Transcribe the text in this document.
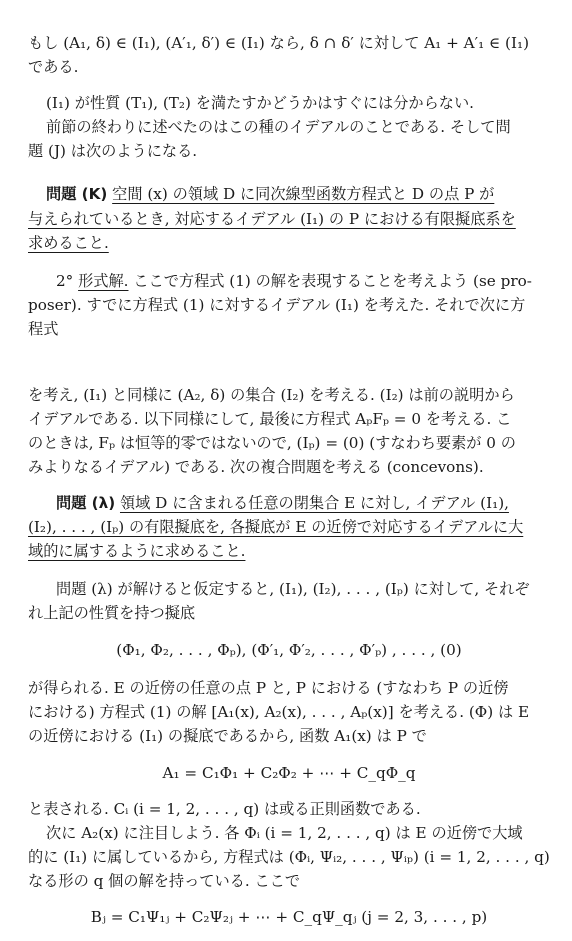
もし (A₁, δ) ∈ (I₁), (A′₁, δ′) ∈ (I₁) なら, δ ∩ δ′ に対して A₁ + A′₁ ∈ (I₁)
である.
(I₁) が性質 (T₁), (T₂) を満たすかどうかはすぐには分からない.
前節の終わりに述べたのはこの種のイデアルのことである. そして問
題 (J) は次のようになる.
問題 (K) 空間 (x) の領域 D に同次線型函数方程式と D の点 P が
与えられているとき, 対応するイデアル (I₁) の P における有限擬底系を
求めること.
2° 形式解. ここで方程式 (1) の解を表現することを考えよう (se pro-
poser). すでに方程式 (1) に対するイデアル (I₁) を考えた. それで次に方
程式
を考え, (I₁) と同様に (A₂, δ) の集合 (I₂) を考える. (I₂) は前の説明から
イデアルである. 以下同様にして, 最後に方程式 AₚFₚ = 0 を考える. こ
のときは, Fₚ は恒等的零ではないので, (Iₚ) = (0) (すなわち要素が 0 の
みよりなるイデアル) である. 次の複合問題を考える (concevons).
問題 (λ) 領域 D に含まれる任意の閉集合 E に対し, イデアル (I₁),
(I₂), . . . , (Iₚ) の有限擬底を, 各擬底が E の近傍で対応するイデアルに大
域的に属するように求めること.
問題 (λ) が解けると仮定すると, (I₁), (I₂), . . . , (Iₚ) に対して, それぞ
れ上記の性質を持つ擬底
(Φ₁, Φ₂, . . . , Φₚ), (Φ′₁, Φ′₂, . . . , Φ′ₚ) , . . . , (0)
が得られる. E の近傍の任意の点 P と, P における (すなわち P の近傍
における) 方程式 (1) の解 [A₁(x), A₂(x), . . . , Aₚ(x)] を考える. (Φ) は E
の近傍における (I₁) の擬底であるから, 函数 A₁(x) は P で
A₁ = C₁Φ₁ + C₂Φ₂ + ⋯ + C_qΦ_q
と表される. Cᵢ (i = 1, 2, . . . , q) は或る正則函数である.
次に A₂(x) に注目しよう. 各 Φᵢ (i = 1, 2, . . . , q) は E の近傍で大域
的に (I₁) に属しているから, 方程式は (Φᵢ, Ψᵢ₂, . . . , Ψᵢₚ) (i = 1, 2, . . . , q)
なる形の q 個の解を持っている. ここで
Bⱼ = C₁Ψ₁ⱼ + C₂Ψ₂ⱼ + ⋯ + C_qΨ_qⱼ (j = 2, 3, . . . , p)
